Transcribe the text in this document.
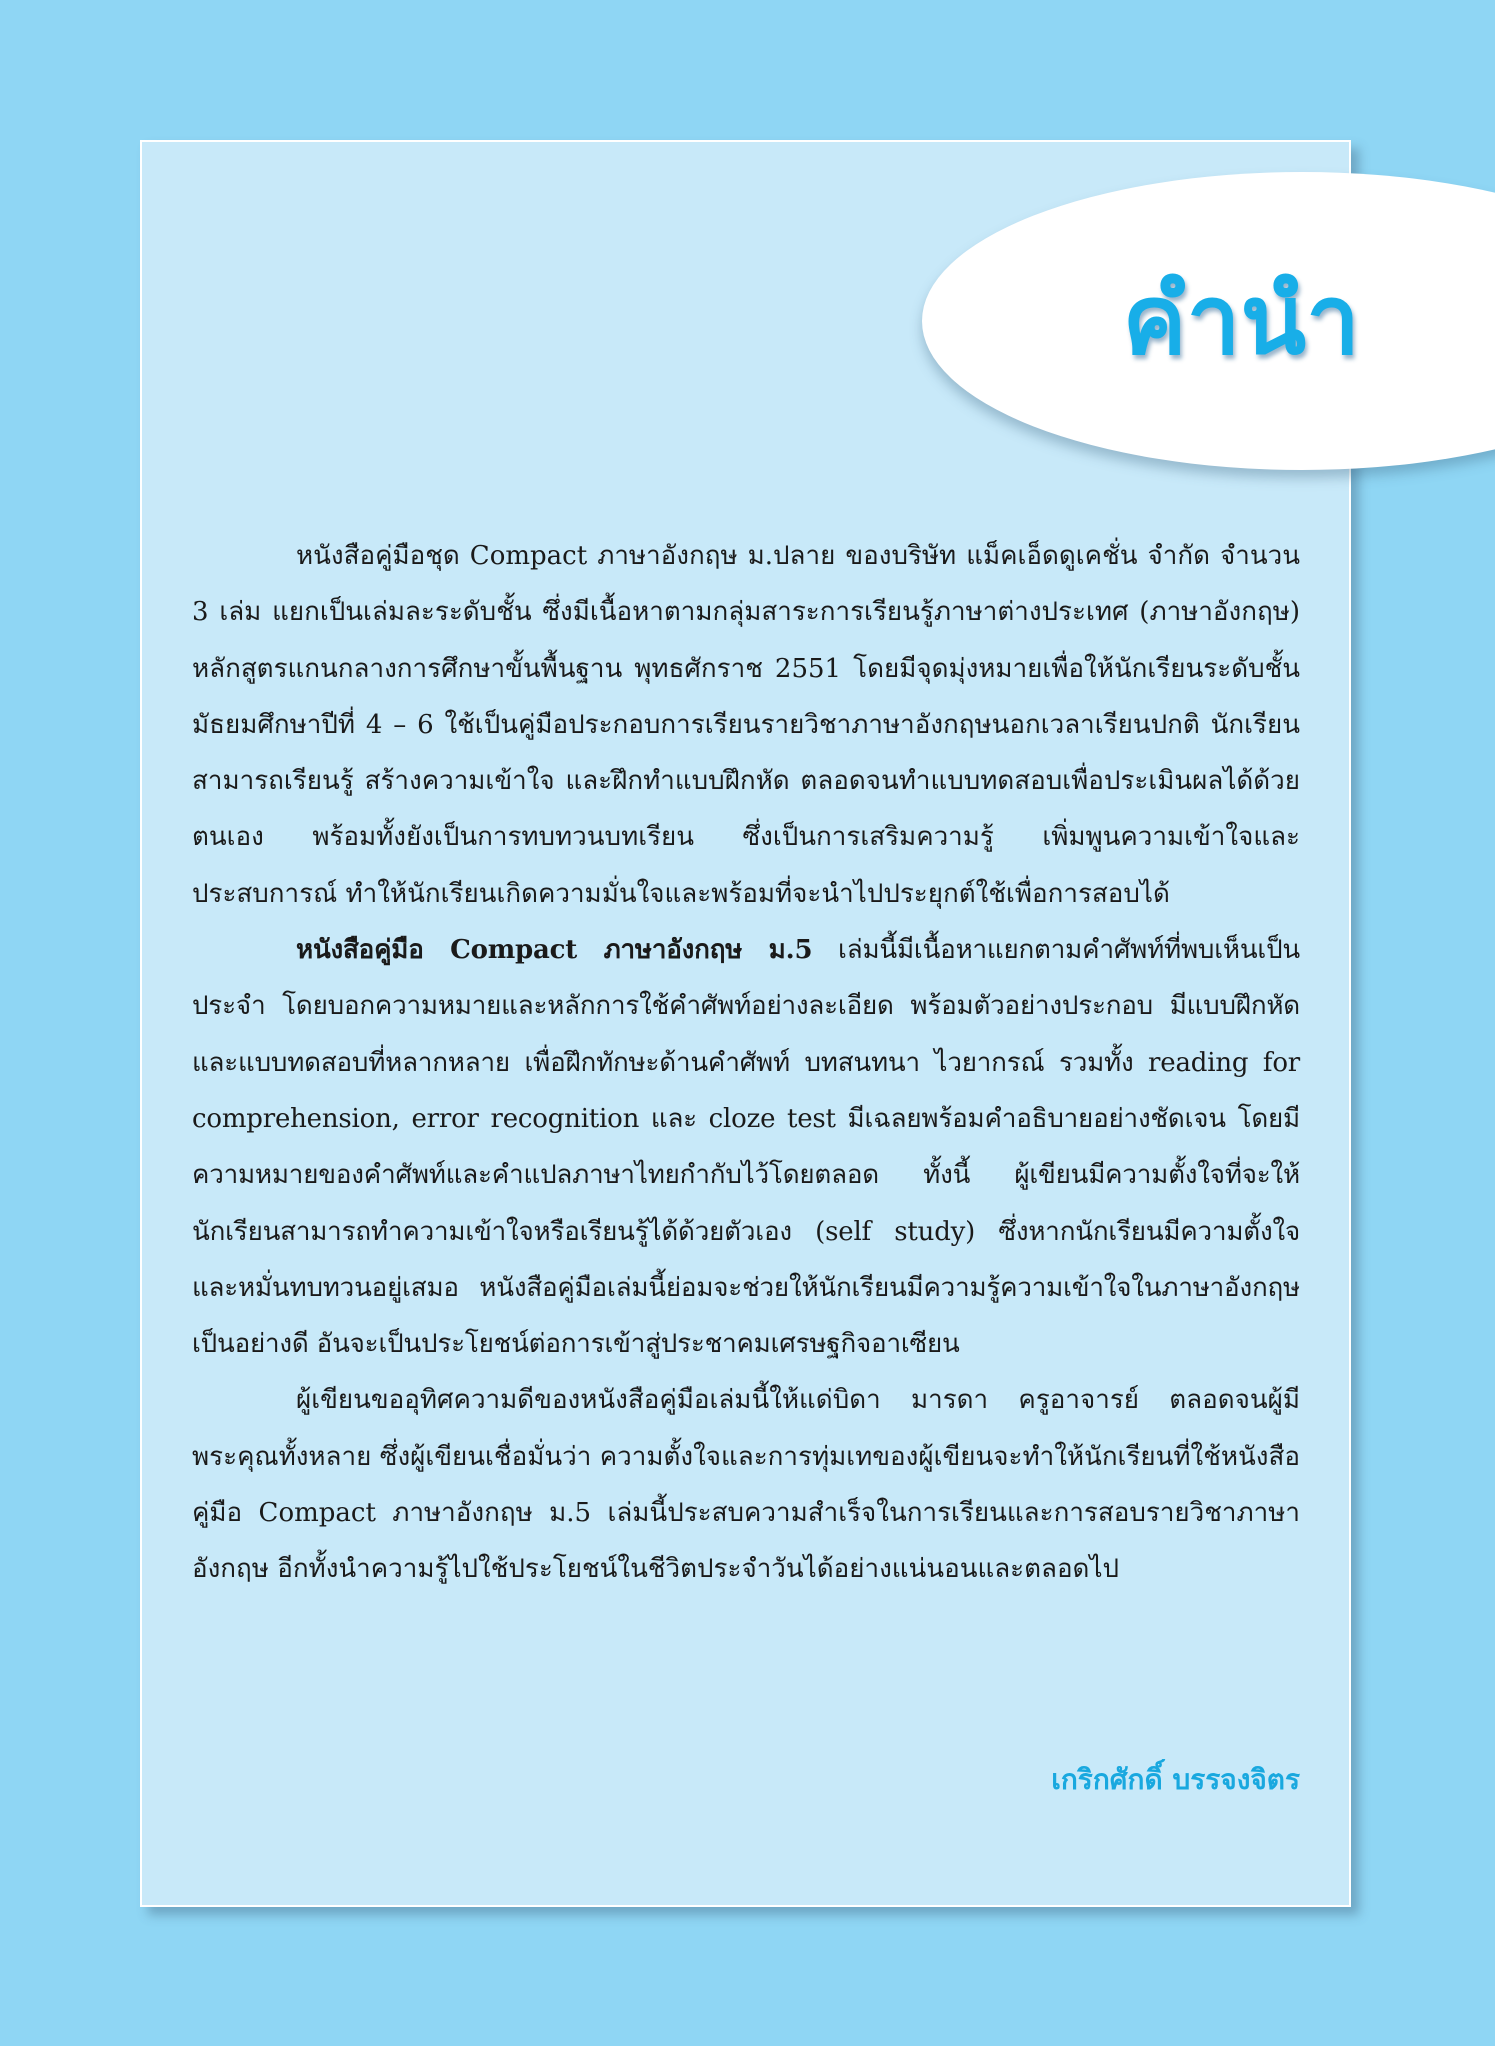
คำนำ

หนังสือคู่มือชุด Compact ภาษาอังกฤษ ม.ปลาย ของบริษัท แม็คเอ็ดดูเคชั่น จำกัด จำนวน 3 เล่ม แยกเป็นเล่มละระดับชั้น ซึ่งมีเนื้อหาตามกลุ่มสาระการเรียนรู้ภาษาต่างประเทศ (ภาษาอังกฤษ) หลักสูตรแกนกลางการศึกษาขั้นพื้นฐาน พุทธศักราช 2551 โดยมีจุดมุ่งหมายเพื่อให้นักเรียนระดับชั้นมัธยมศึกษาปีที่ 4 – 6 ใช้เป็นคู่มือประกอบการเรียนรายวิชาภาษาอังกฤษนอกเวลาเรียนปกติ นักเรียนสามารถเรียนรู้ สร้างความเข้าใจ และฝึกทำแบบฝึกหัด ตลอดจนทำแบบทดสอบเพื่อประเมินผลได้ด้วยตนเอง พร้อมทั้งยังเป็นการทบทวนบทเรียน ซึ่งเป็นการเสริมความรู้ เพิ่มพูนความเข้าใจและประสบการณ์ ทำให้นักเรียนเกิดความมั่นใจและพร้อมที่จะนำไปประยุกต์ใช้เพื่อการสอบได้

หนังสือคู่มือ Compact ภาษาอังกฤษ ม.5 เล่มนี้มีเนื้อหาแยกตามคำศัพท์ที่พบเห็นเป็นประจำ โดยบอกความหมายและหลักการใช้คำศัพท์อย่างละเอียด พร้อมตัวอย่างประกอบ มีแบบฝึกหัดและแบบทดสอบที่หลากหลาย เพื่อฝึกทักษะด้านคำศัพท์ บทสนทนา ไวยากรณ์ รวมทั้ง reading for comprehension, error recognition และ cloze test มีเฉลยพร้อมคำอธิบายอย่างชัดเจน โดยมีความหมายของคำศัพท์และคำแปลภาษาไทยกำกับไว้โดยตลอด ทั้งนี้ ผู้เขียนมีความตั้งใจที่จะให้นักเรียนสามารถทำความเข้าใจหรือเรียนรู้ได้ด้วยตัวเอง (self study) ซึ่งหากนักเรียนมีความตั้งใจและหมั่นทบทวนอยู่เสมอ หนังสือคู่มือเล่มนี้ย่อมจะช่วยให้นักเรียนมีความรู้ความเข้าใจในภาษาอังกฤษเป็นอย่างดี อันจะเป็นประโยชน์ต่อการเข้าสู่ประชาคมเศรษฐกิจอาเซียน

ผู้เขียนขออุทิศความดีของหนังสือคู่มือเล่มนี้ให้แด่บิดา มารดา ครูอาจารย์ ตลอดจนผู้มีพระคุณทั้งหลาย ซึ่งผู้เขียนเชื่อมั่นว่า ความตั้งใจและการทุ่มเทของผู้เขียนจะทำให้นักเรียนที่ใช้หนังสือคู่มือ Compact ภาษาอังกฤษ ม.5 เล่มนี้ประสบความสำเร็จในการเรียนและการสอบรายวิชาภาษาอังกฤษ อีกทั้งนำความรู้ไปใช้ประโยชน์ในชีวิตประจำวันได้อย่างแน่นอนและตลอดไป

เกริกศักดิ์ บรรจงจิตร
